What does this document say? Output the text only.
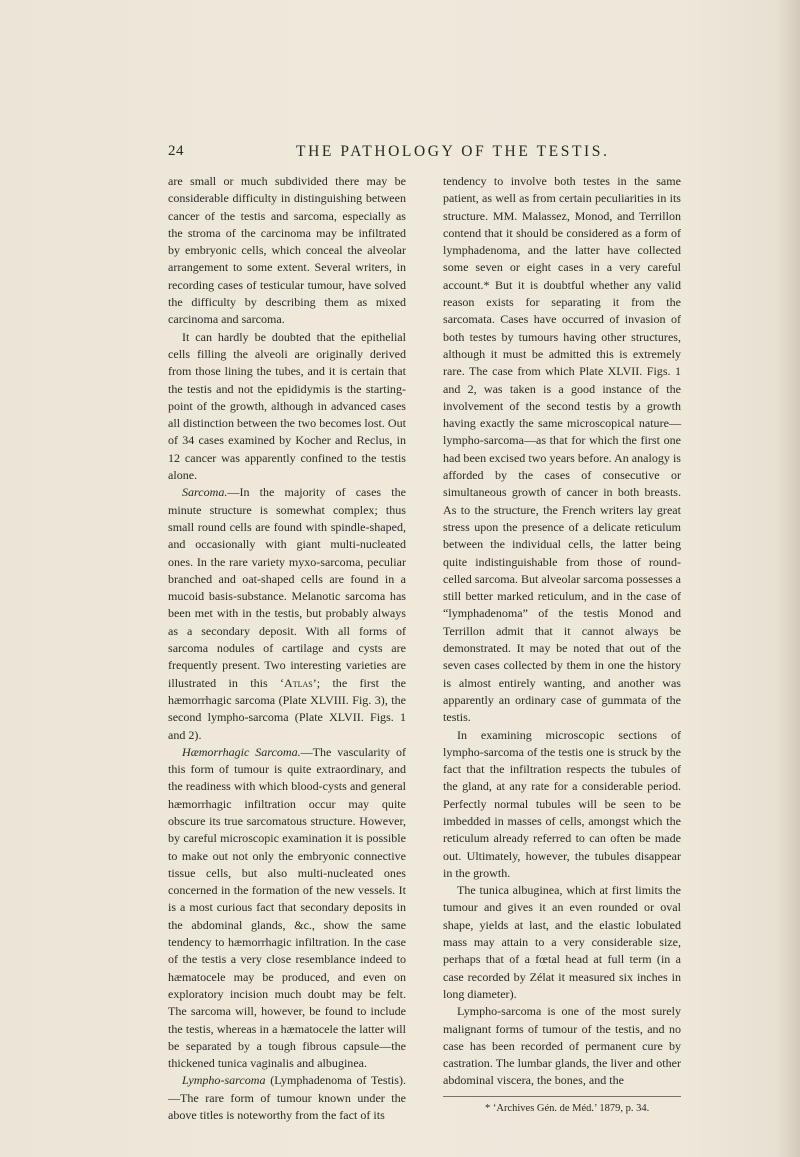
24	THE PATHOLOGY OF THE TESTIS.

are small or much subdivided there may be considerable difficulty in distinguishing between cancer of the testis and sarcoma, especially as the stroma of the carcinoma may be infiltrated by embryonic cells, which conceal the alveolar arrangement to some extent. Several writers, in recording cases of testicular tumour, have solved the difficulty by describing them as mixed carcinoma and sarcoma.

It can hardly be doubted that the epithelial cells filling the alveoli are originally derived from those lining the tubes, and it is certain that the testis and not the epididymis is the starting-point of the growth, although in advanced cases all distinction between the two becomes lost. Out of 34 cases examined by Kocher and Reclus, in 12 cancer was apparently confined to the testis alone.

Sarcoma.—In the majority of cases the minute structure is somewhat complex; thus small round cells are found with spindle-shaped, and occasionally with giant multi-nucleated ones. In the rare variety myxo-sarcoma, peculiar branched and oat-shaped cells are found in a mucoid basis-substance. Melanotic sarcoma has been met with in the testis, but probably always as a secondary deposit. With all forms of sarcoma nodules of cartilage and cysts are frequently present. Two interesting varieties are illustrated in this ‘Atlas’; the first the hæmorrhagic sarcoma (Plate XLVIII. Fig. 3), the second lympho-sarcoma (Plate XLVII. Figs. 1 and 2).

Hæmorrhagic Sarcoma.—The vascularity of this form of tumour is quite extraordinary, and the readiness with which blood-cysts and general hæmorrhagic infiltration occur may quite obscure its true sarcomatous structure. However, by careful microscopic examination it is possible to make out not only the embryonic connective tissue cells, but also multi-nucleated ones concerned in the formation of the new vessels. It is a most curious fact that secondary deposits in the abdominal glands, &c., show the same tendency to hæmorrhagic infiltration. In the case of the testis a very close resemblance indeed to hæmatocele may be produced, and even on exploratory incision much doubt may be felt. The sarcoma will, however, be found to include the testis, whereas in a hæmatocele the latter will be separated by a tough fibrous capsule—the thickened tunica vaginalis and albuginea.

Lympho-sarcoma (Lymphadenoma of Testis).—The rare form of tumour known under the above titles is noteworthy from the fact of its

tendency to involve both testes in the same patient, as well as from certain peculiarities in its structure. MM. Malassez, Monod, and Terrillon contend that it should be considered as a form of lymphadenoma, and the latter have collected some seven or eight cases in a very careful account.* But it is doubtful whether any valid reason exists for separating it from the sarcomata. Cases have occurred of invasion of both testes by tumours having other structures, although it must be admitted this is extremely rare. The case from which Plate XLVII. Figs. 1 and 2, was taken is a good instance of the involvement of the second testis by a growth having exactly the same microscopical nature—lympho-sarcoma—as that for which the first one had been excised two years before. An analogy is afforded by the cases of consecutive or simultaneous growth of cancer in both breasts. As to the structure, the French writers lay great stress upon the presence of a delicate reticulum between the individual cells, the latter being quite indistinguishable from those of round-celled sarcoma. But alveolar sarcoma possesses a still better marked reticulum, and in the case of “lymphadenoma” of the testis Monod and Terrillon admit that it cannot always be demonstrated. It may be noted that out of the seven cases collected by them in one the history is almost entirely wanting, and another was apparently an ordinary case of gummata of the testis.

In examining microscopic sections of lympho-sarcoma of the testis one is struck by the fact that the infiltration respects the tubules of the gland, at any rate for a considerable period. Perfectly normal tubules will be seen to be imbedded in masses of cells, amongst which the reticulum already referred to can often be made out. Ultimately, however, the tubules disappear in the growth.

The tunica albuginea, which at first limits the tumour and gives it an even rounded or oval shape, yields at last, and the elastic lobulated mass may attain to a very considerable size, perhaps that of a fœtal head at full term (in a case recorded by Zélat it measured six inches in long diameter).

Lympho-sarcoma is one of the most surely malignant forms of tumour of the testis, and no case has been recorded of permanent cure by castration. The lumbar glands, the liver and other abdominal viscera, the bones, and the

* ‘Archives Gén. de Méd.’ 1879, p. 34.
